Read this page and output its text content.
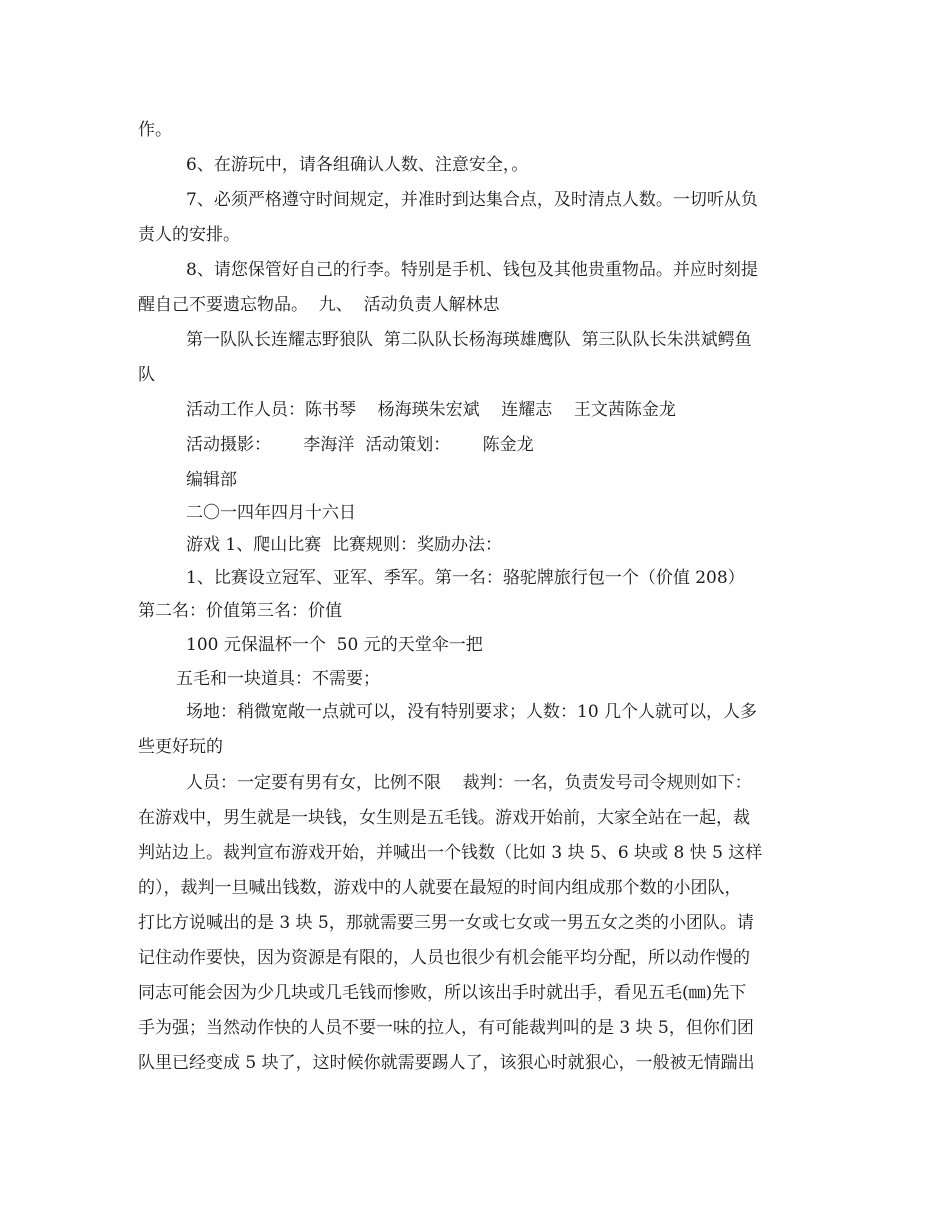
作。
6、在游玩中，请各组确认人数、注意安全，。
7、必须严格遵守时间规定，并准时到达集合点，及时清点人数。一切听从负
责人的安排。
8、请您保管好自己的行李。特别是手机、钱包及其他贵重物品。并应时刻提
醒自己不要遗忘物品。  九、  活动负责人解林忠
第一队队长连耀志野狼队  第二队队长杨海瑛雄鹰队  第三队队长朱洪斌鳄鱼
队
活动工作人员：陈书琴    杨海瑛朱宏斌    连耀志    王文茜陈金龙
活动摄影：      李海洋  活动策划：      陈金龙
编辑部
二〇一四年四月十六日
游戏 1、爬山比赛  比赛规则：奖励办法：
1、比赛设立冠军、亚军、季军。第一名：骆驼牌旅行包一个（价值 208）
第二名：价值第三名：价值
100 元保温杯一个  50 元的天堂伞一把
五毛和一块道具：不需要；
场地：稍微宽敞一点就可以，没有特别要求；人数：10 几个人就可以，人多
些更好玩的
人员：一定要有男有女，比例不限    裁判：一名，负责发号司令规则如下：
在游戏中，男生就是一块钱，女生则是五毛钱。游戏开始前，大家全站在一起，裁
判站边上。裁判宣布游戏开始，并喊出一个钱数（比如 3 块 5、6 块或 8 快 5 这样
的），裁判一旦喊出钱数，游戏中的人就要在最短的时间内组成那个数的小团队，
打比方说喊出的是 3 块 5，那就需要三男一女或七女或一男五女之类的小团队。请
记住动作要快，因为资源是有限的，人员也很少有机会能平均分配，所以动作慢的
同志可能会因为少几块或几毛钱而惨败，所以该出手时就出手，看见五毛(㎜)先下
手为强；当然动作快的人员不要一味的拉人，有可能裁判叫的是 3 块 5，但你们团
队里已经变成 5 块了，这时候你就需要踢人了，该狠心时就狠心，一般被无情踹出
